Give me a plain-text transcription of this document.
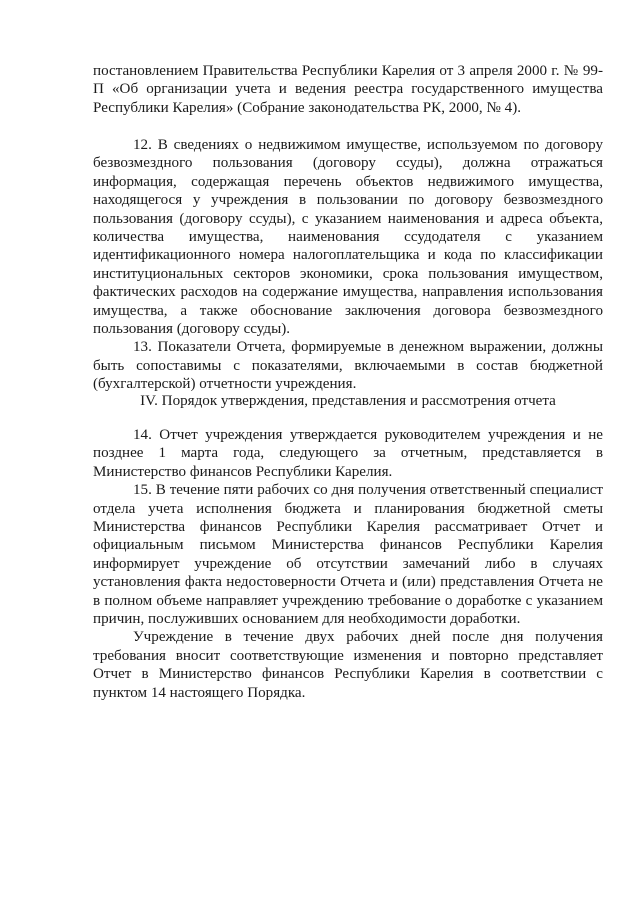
постановлением Правительства Республики Карелия от 3 апреля 2000 г. № 99-П «Об организации учета и ведения реестра государственного имущества Республики Карелия» (Собрание законодательства РК, 2000, № 4).

12. В сведениях о недвижимом имуществе, используемом по договору безвозмездного пользования (договору ссуды), должна отражаться информация, содержащая перечень объектов недвижимого имущества, находящегося у учреждения в пользовании по договору безвозмездного пользования (договору ссуды), с указанием наименования и адреса объекта, количества имущества, наименования ссудодателя с указанием идентификационного номера налогоплательщика и кода по классификации институциональных секторов экономики, срока пользования имуществом, фактических расходов на содержание имущества, направления использования имущества, а также обоснование заключения договора безвозмездного пользования (договору ссуды).

13. Показатели Отчета, формируемые в денежном выражении, должны быть сопоставимы с показателями, включаемыми в состав бюджетной (бухгалтерской) отчетности учреждения.

IV. Порядок утверждения, представления и рассмотрения отчета

14. Отчет учреждения утверждается руководителем учреждения и не позднее 1 марта года, следующего за отчетным, представляется в Министерство финансов Республики Карелия.

15. В течение пяти рабочих со дня получения ответственный специалист отдела учета исполнения бюджета и планирования бюджетной сметы Министерства финансов Республики Карелия рассматривает Отчет и официальным письмом Министерства финансов Республики Карелия информирует учреждение об отсутствии замечаний либо в случаях установления факта недостоверности Отчета и (или) представления Отчета не в полном объеме направляет учреждению требование о доработке с указанием причин, послуживших основанием для необходимости доработки.

Учреждение в течение двух рабочих дней после дня получения требования вносит соответствующие изменения и повторно представляет Отчет в Министерство финансов Республики Карелия в соответствии с пунктом 14 настоящего Порядка.
